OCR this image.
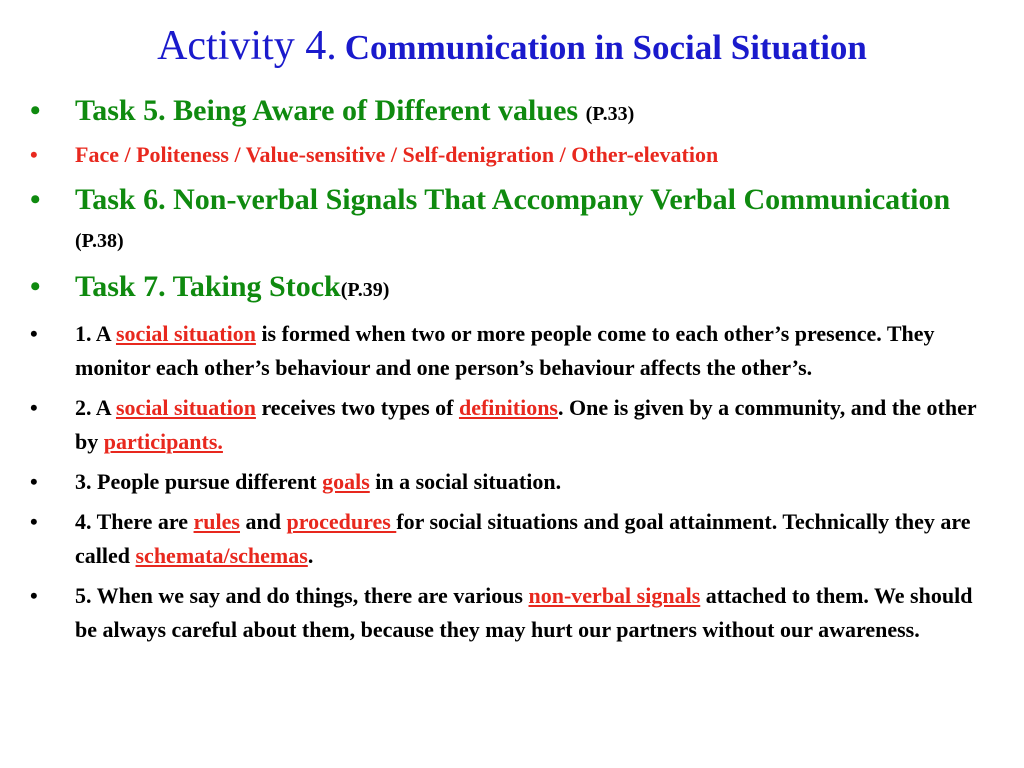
Activity 4. Communication in Social Situation
• Task 5. Being Aware of Different values (P.33)
• Face / Politeness / Value-sensitive / Self-denigration / Other-elevation
• Task 6. Non-verbal Signals That Accompany Verbal Communication (P.38)
• Task 7. Taking Stock(P.39)
• 1. A social situation is formed when two or more people come to each other’s presence. They monitor each other’s behaviour and one person’s behaviour affects the other’s.
• 2. A social situation receives two types of definitions. One is given by a community, and the other by participants.
• 3. People pursue different goals in a social situation.
• 4. There are rules and procedures for social situations and goal attainment. Technically they are called schemata/schemas.
• 5. When we say and do things, there are various non-verbal signals attached to them. We should be always careful about them, because they may hurt our partners without our awareness.
